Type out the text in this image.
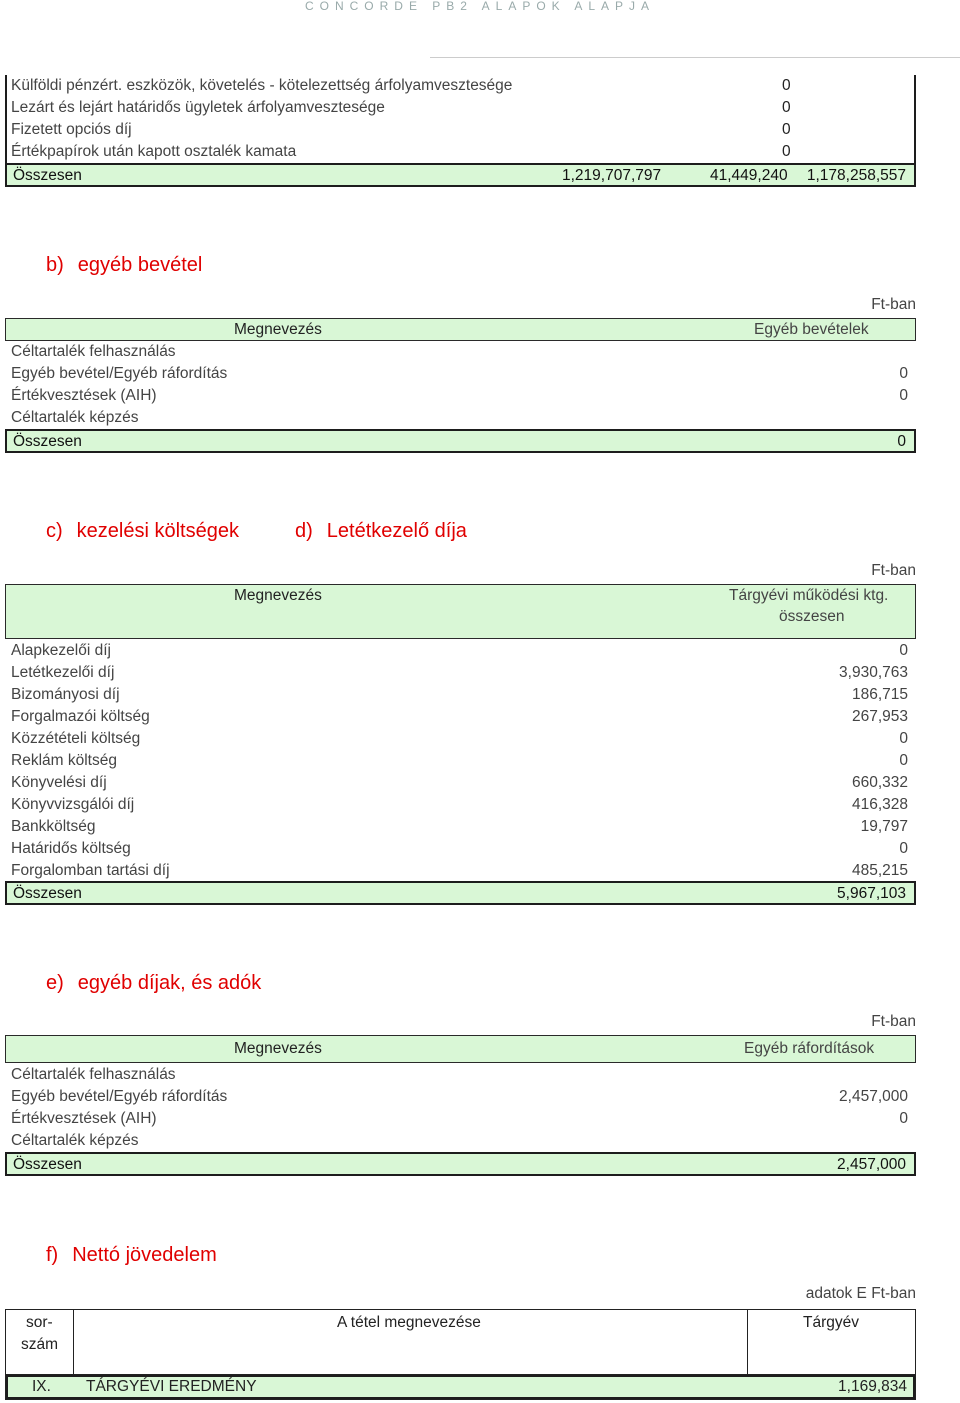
CONCORDE PB2 ALAPOK ALAPJA
Külföldi pénzért. eszközök, követelés - kötelezettség árfolyamvesztesége	0
Lezárt és lejárt határidős ügyletek árfolyamvesztesége	0
Fizetett opciós díj	0
Értékpapírok után kapott osztalék kamata	0
Összesen	1,219,707,797	41,449,240 1,178,258,557
b) egyéb bevétel
Ft-ban
Megnevezés	Egyéb bevételek
Céltartalék felhasználás
Egyéb bevétel/Egyéb ráfordítás	0
Értékvesztések (AIH)	0
Céltartalék képzés
Összesen	0
c) kezelési költségek	d) Letétkezelő díja
Ft-ban
Megnevezés	Tárgyévi működési ktg.
összesen
Alapkezelői díj	0
Letétkezelői díj	3,930,763
Bizományosi díj	186,715
Forgalmazói költség	267,953
Közzétételi költség	0
Reklám költség	0
Könyvelési díj	660,332
Könyvvizsgálói díj	416,328
Bankköltség	19,797
Határidős költség	0
Forgalomban tartási díj	485,215
Összesen	5,967,103
e) egyéb díjak, és adók
Ft-ban
Megnevezés	Egyéb ráfordítások
Céltartalék felhasználás
Egyéb bevétel/Egyéb ráfordítás	2,457,000
Értékvesztések (AIH)	0
Céltartalék képzés
Összesen	2,457,000
f) Nettó jövedelem
adatok E Ft-ban
sor-
szám
A tétel megnevezése	Tárgyév
IX. TÁRGYÉVI EREDMÉNY	1,169,834
